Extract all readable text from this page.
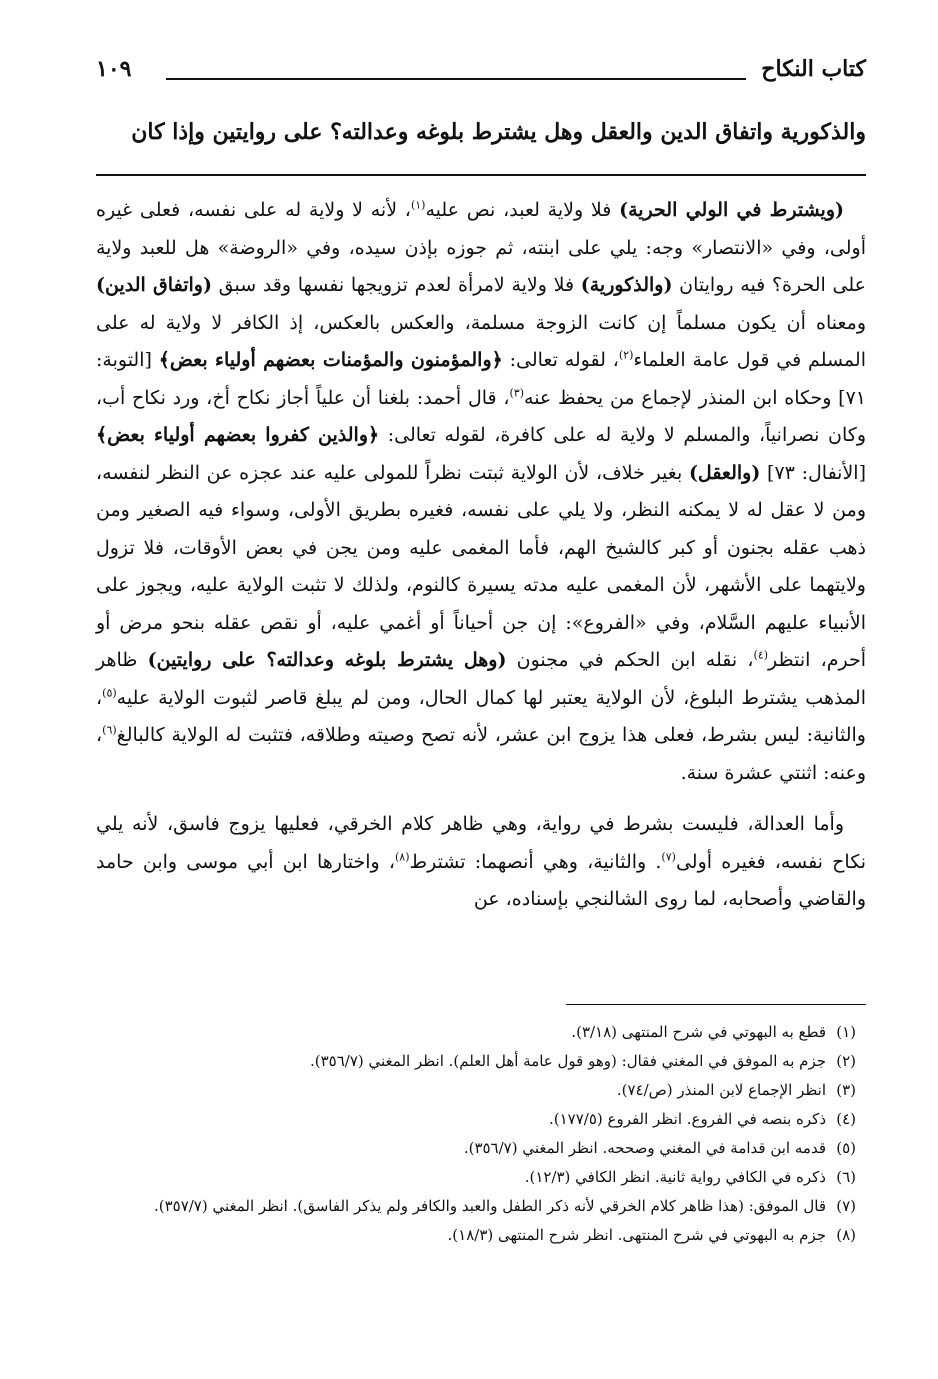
كتاب النكاح
١٠٩
والذكورية واتفاق الدين والعقل وهل يشترط بلوغه وعدالته؟ على روايتين وإذا كان

(ويشترط في الولي الحرية) فلا ولاية لعبد، نص عليه$^{(١)}$، لأنه لا ولاية له على نفسه، فعلى غيره أولى، وفي «الانتصار» وجه: يلي على ابنته، ثم جوزه بإذن سيده، وفي «الروضة» هل للعبد ولاية على الحرة؟ فيه روايتان (والذكورية) فلا ولاية لامرأة لعدم تزويجها نفسها وقد سبق (واتفاق الدين) ومعناه أن يكون مسلماً إن كانت الزوجة مسلمة، والعكس بالعكس، إذ الكافر لا ولاية له على المسلم في قول عامة العلماء$^{(٢)}$، لقوله تعالى: ﴿والمؤمنون والمؤمنات بعضهم أولياء بعض﴾ [التوبة: ٧١] وحكاه ابن المنذر لإجماع من يحفظ عنه$^{(٣)}$، قال أحمد: بلغنا أن علياً أجاز نكاح أخ، ورد نكاح أب، وكان نصرانياً، والمسلم لا ولاية له على كافرة، لقوله تعالى: ﴿والذين كفروا بعضهم أولياء بعض﴾ [الأنفال: ٧٣] (والعقل) بغير خلاف، لأن الولاية ثبتت نظراً للمولى عليه عند عجزه عن النظر لنفسه، ومن لا عقل له لا يمكنه النظر، ولا يلي على نفسه، فغيره بطريق الأولى، وسواء فيه الصغير ومن ذهب عقله بجنون أو كبر كالشيخ الهم، فأما المغمى عليه ومن يجن في بعض الأوقات، فلا تزول ولايتهما على الأشهر، لأن المغمى عليه مدته يسيرة كالنوم، ولذلك لا تثبت الولاية عليه، ويجوز على الأنبياء عليهم السَّلام، وفي «الفروع»: إن جن أحياناً أو أغمي عليه، أو نقص عقله بنحو مرض أو أحرم، انتظر$^{(٤)}$، نقله ابن الحكم في مجنون (وهل يشترط بلوغه وعدالته؟ على روايتين) ظاهر المذهب يشترط البلوغ، لأن الولاية يعتبر لها كمال الحال، ومن لم يبلغ قاصر لثبوت الولاية عليه$^{(٥)}$، والثانية: ليس بشرط، فعلى هذا يزوج ابن عشر، لأنه تصح وصيته وطلاقه، فتثبت له الولاية كالبالغ$^{(٦)}$، وعنه: اثنتي عشرة سنة.

وأما العدالة، فليست بشرط في رواية، وهي ظاهر كلام الخرقي، فعليها يزوج فاسق، لأنه يلي نكاح نفسه، فغيره أولى$^{(٧)}$. والثانية، وهي أنصهما: تشترط$^{(٨)}$، واختارها ابن أبي موسى وابن حامد والقاضي وأصحابه، لما روى الشالنجي بإسناده، عن

(١)
قطع به البهوتي في شرح المنتهى (٣/١٨).
(٢)
جزم به الموفق في المغني فقال: (وهو قول عامة أهل العلم). انظر المغني (٣٥٦/٧).
(٣)
انظر الإجماع لابن المنذر (ص/٧٤).
(٤)
ذكره بنصه في الفروع. انظر الفروع (١٧٧/٥).
(٥)
قدمه ابن قدامة في المغني وصححه. انظر المغني (٣٥٦/٧).
(٦)
ذكره في الكافي رواية ثانية. انظر الكافي (١٢/٣).
(٧)
قال الموفق: (هذا ظاهر كلام الخرقي لأنه ذكر الطفل والعبد والكافر ولم يذكر الفاسق). انظر المغني (٣٥٧/٧).
(٨)
جزم به البهوتي في شرح المنتهى. انظر شرح المنتهى (١٨/٣).
